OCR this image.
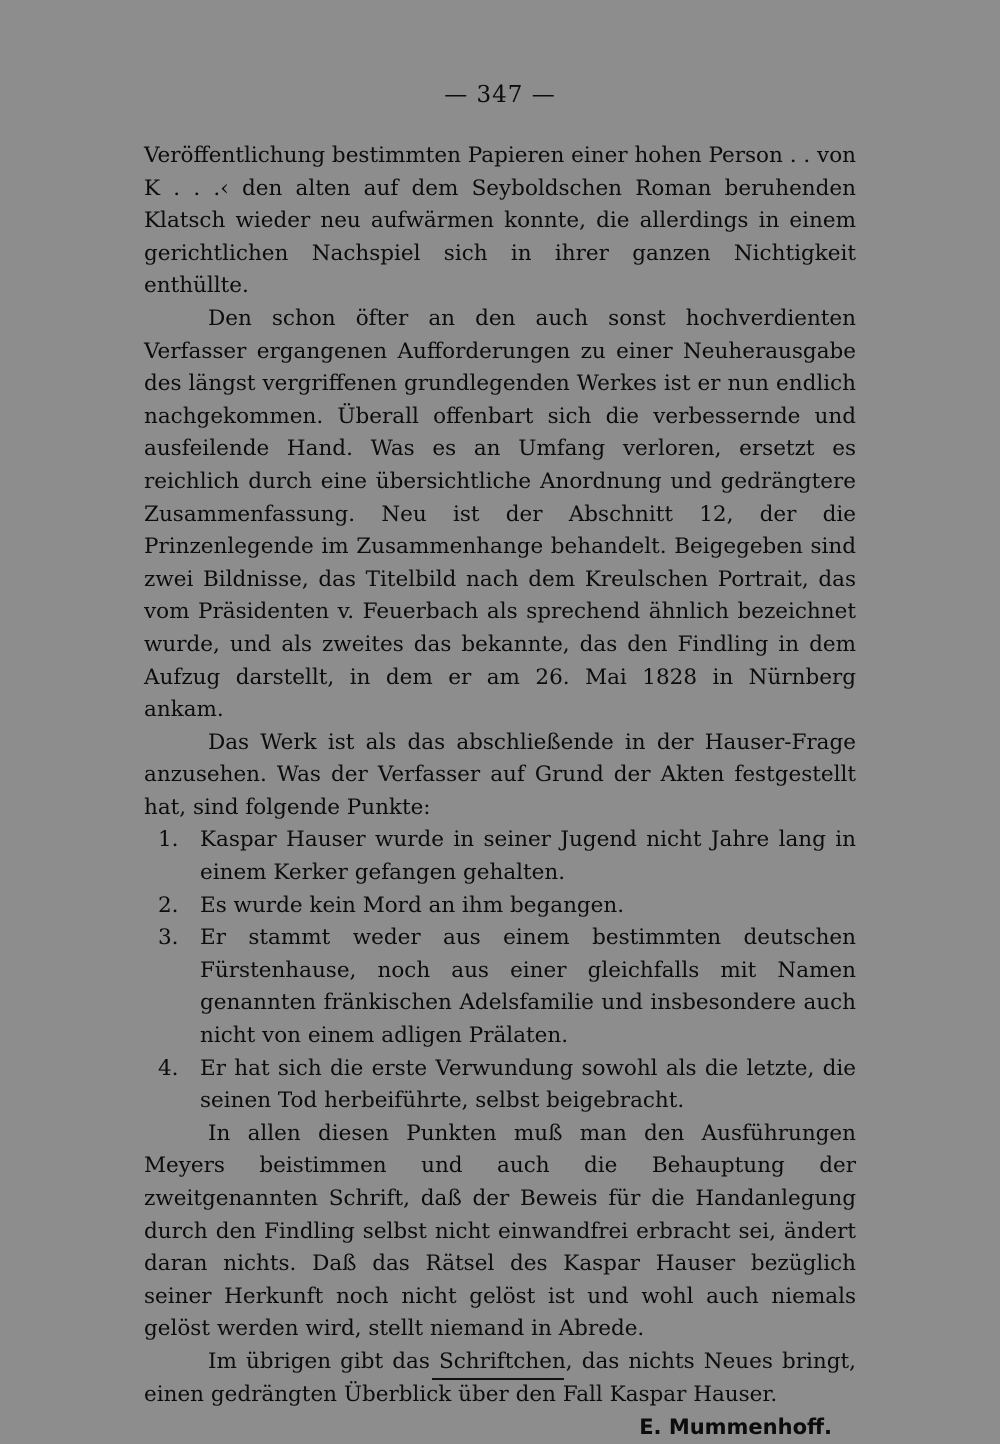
— 347 —

Veröffentlichung bestimmten Papieren einer hohen Person . . von K . . .‹ den alten auf dem Seyboldschen Roman beruhenden Klatsch wieder neu aufwärmen konnte, die allerdings in einem gerichtlichen Nachspiel sich in ihrer ganzen Nichtigkeit enthüllte.

Den schon öfter an den auch sonst hochverdienten Verfasser ergangenen Aufforderungen zu einer Neuherausgabe des längst vergriffenen grundlegenden Werkes ist er nun endlich nachgekommen. Überall offenbart sich die verbessernde und ausfeilende Hand. Was es an Umfang verloren, ersetzt es reichlich durch eine übersichtliche Anordnung und gedrängtere Zusammenfassung. Neu ist der Abschnitt 12, der die Prinzenlegende im Zusammenhange behandelt. Beigegeben sind zwei Bildnisse, das Titelbild nach dem Kreulschen Portrait, das vom Präsidenten v. Feuerbach als sprechend ähnlich bezeichnet wurde, und als zweites das bekannte, das den Findling in dem Aufzug darstellt, in dem er am 26. Mai 1828 in Nürnberg ankam.

Das Werk ist als das abschließende in der Hauser-Frage anzusehen. Was der Verfasser auf Grund der Akten festgestellt hat, sind folgende Punkte:

1. Kaspar Hauser wurde in seiner Jugend nicht Jahre lang in einem Kerker gefangen gehalten.

2. Es wurde kein Mord an ihm begangen.

3. Er stammt weder aus einem bestimmten deutschen Fürstenhause, noch aus einer gleichfalls mit Namen genannten fränkischen Adelsfamilie und insbesondere auch nicht von einem adligen Prälaten.

4. Er hat sich die erste Verwundung sowohl als die letzte, die seinen Tod herbeiführte, selbst beigebracht.

In allen diesen Punkten muß man den Ausführungen Meyers beistimmen und auch die Behauptung der zweitgenannten Schrift, daß der Beweis für die Handanlegung durch den Findling selbst nicht einwandfrei erbracht sei, ändert daran nichts. Daß das Rätsel des Kaspar Hauser bezüglich seiner Herkunft noch nicht gelöst ist und wohl auch niemals gelöst werden wird, stellt niemand in Abrede.

Im übrigen gibt das Schriftchen, das nichts Neues bringt, einen gedrängten Überblick über den Fall Kaspar Hauser.

E. Mummenhoff.
